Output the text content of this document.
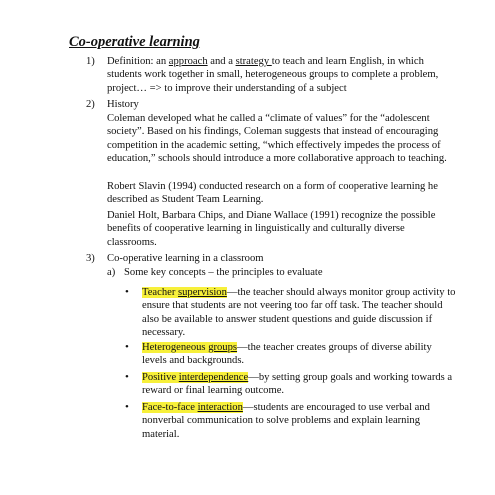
Co-operative learning
1) Definition: an approach and a strategy to teach and learn English, in which students work together in small, heterogeneous groups to complete a problem, project… => to improve their understanding of a subject
2) History
Coleman developed what he called a “climate of values” for the “adolescent society”. Based on his findings, Coleman suggests that instead of encouraging competition in the academic setting, “which effectively impedes the process of education,” schools should introduce a more collaborative approach to teaching.
Robert Slavin (1994) conducted research on a form of cooperative learning he described as Student Team Learning.
Daniel Holt, Barbara Chips, and Diane Wallace (1991) recognize the possible benefits of cooperative learning in linguistically and culturally diverse classrooms.
3) Co-operative learning in a classroom
a) Some key concepts – the principles to evaluate
• Teacher supervision—the teacher should always monitor group activity to ensure that students are not veering too far off task. The teacher should also be available to answer student questions and guide discussion if necessary.
• Heterogeneous groups—the teacher creates groups of diverse ability levels and backgrounds.
• Positive interdependence—by setting group goals and working towards a reward or final learning outcome.
• Face-to-face interaction—students are encouraged to use verbal and nonverbal communication to solve problems and explain learning material.
